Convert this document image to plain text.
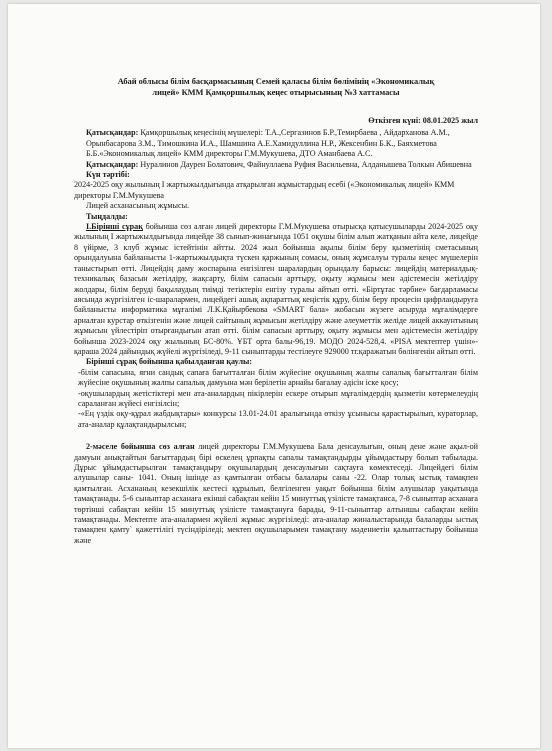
Абай облысы білім басқармасының Семей қаласы білім бөлімінің «Экономикалық
лицей» КММ Қамқоршылық кеңес отырысының №3 хаттамасы
Өткізген күні: 08.01.2025 жыл

Қатысқандар: Қамқоршылық кеңесінің мүшелері: Т.А.,Сергазинов Б.Р.,Темирбаева , Айдарханова А.М., Орынбасарова З.М., Тимошкина И.А., Шамшина А.Е.Хамидуллина Н.Р., Жексенбин Б.К., Баяхметова Б.Б.«Экономикалық лицей» КММ директоры Г.М.Мукушева, ДТО Аманбаева А.С.

Қатысқандар: Нуралинов Даурен Болатович, Файнуллаева Руфия Васильевна, Алданышева Толкын Абишевна

Күн тәртібі:

2024-2025 оқу жылының I жартыжылдығында атқарылған жұмыстардың есебі («Экономикалық лицей» КММ директоры Г.М.Мукушева

Лицей асханасының жұмысы.

Тыңдалды:

I.Бірінші сұрақ бойынша сөз алған лицей директоры Г.М.Мукушева отырысқа қатысушыларды 2024-2025 оқу жылының I жартыжылдығында лицейде 38 сынып-жинағында 1051 оқушы білім алып жатқанын айта келе, лицейде 8 үйірме, 3 клуб жұмыс істейтінін айтты. 2024 жыл бойынша ақылы білім беру қызметінің сметасының орындалуына байланысты 1-жартыжылдықта түскен қаржының сомасы, оның жұмсалуы туралы кеңес мүшелерін таныстырып өтті. Лицейдің даму жоспарына енгізілген шаралардың орындалу барысы: лицейдің материалдық-техникалық базасын жетілдіру, жақсарту, білім сапасын арттыру, оқыту жұмысы мен әдістемесін жетілдіру жолдары, білім беруді бақылаудың тиімді тетіктерін енгізу туралы айтып өтті. «Біртұтас тәрбие» бағдарламасы аясында жүргізілген іс-шаралармен, лицейдегі ашық ақпараттық кеңістік құру, білім беру процесін цифрландыруға байланысты информатика мұғалімі Л.К.Қайырбекова «SMART бала» жобасын жүзеге асыруда мұғалімдерге арналған курстар өткізгенін және лицей сайтының жұмысын жетілдіру және әлеуметтік желіде лицей аккаунтының жұмысын үйлестіріп отырғандығын атап өтті. білім сапасын арттыру, оқыту жұмысы мен әдістемесін жетілдіру бойынша 2023-2024 оқу жылының БС-80%. ҰБТ орта балы-96,19. МОДО 2024-528,4. «PISA мектептер үшін»-қараша 2024 дайындық жүйелі жүргізіледі, 9-11 сыныптарды тестілеуге 929000 тг.қаражатын бөлінгенін айтып өтті.

Бірінші сұрақ бойынша қабылданған қаулы:

-білім сапасына, яғни сандық сапаға бағытталған білім жүйесіне оқушының жалпы сапалық бағытталған білім жүйесіне оқушының жалпы сапалық дамуына мән берілетін арнайы бағалау әдісін іске қосу;

-оқушылардың жетістіктері мен ата-аналардың пікірлерін ескере отырып мұғалімдердің қызметін көтермелеудің сараланған жүйесі енгізілсін;

-«Ең үздік оқу-құрал жабдықтары» конкурсы 13.01-24.01 аралығында өткізу ұсынысы қарастырылып, кураторлар, ата-аналар құлақтандырылсын;

2-мәселе бойынша сөз алған лицей директоры Г.М.Мукушева Бала денсаулығын, оның дене және ақыл-ой дамуын анықтайтын бағыттардың бірі өскелең ұрпақты сапалы тамақтандырды ұйымдастыру болып табылады. Дұрыс ұйымдастырылған тамақтандыру оқушылардың денсаулығын сақтауға көмектеседі. Лицейдегі білім алушылар саны- 1041. Оның ішінде аз қамтылған отбасы балалары саны -22. Олар толық ыстық тамақпен қамтылған. Асхананың кезекшілік кестесі құрылып, белгіленген уақыт бойынша білім алушылар уақытында тамақтанады. 5-6 сыныптар асханаға екінші сабақтан кейін 15 минуттық үзілісте тамақтанса, 7-8 сыныптар асханаға төртінші сабақтан кейін 15 минуттық үзілісте тамақтануға барады, 9-11-сыныптар алтыншы сабақтан кейін тамақтанады. Мектепте ата-аналармен жүйелі жұмыс жүргізіледі: ата-аналар жиналыстарында балаларды ыстық тамақпен қамту` қажеттілігі түсіндіріледі; мектеп оқушыларымен тамақтану мәдениетін қалыптастыру бойынша және
